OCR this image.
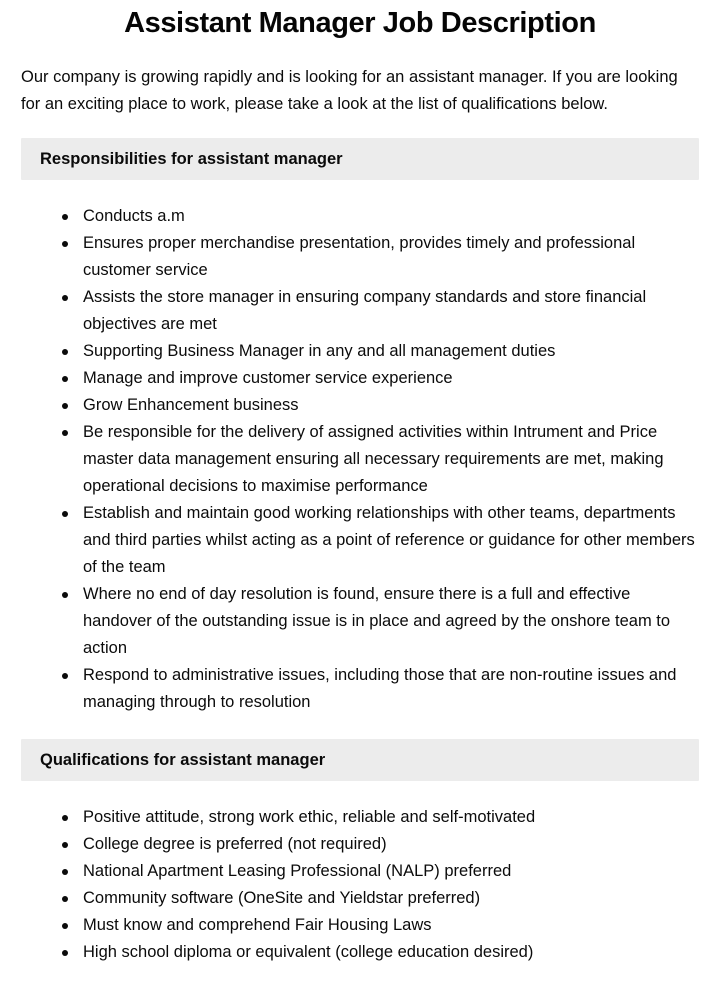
Assistant Manager Job Description

Our company is growing rapidly and is looking for an assistant manager. If you are looking for an exciting place to work, please take a look at the list of qualifications below.

Responsibilities for assistant manager
Conducts a.m
Ensures proper merchandise presentation, provides timely and professional customer service
Assists the store manager in ensuring company standards and store financial objectives are met
Supporting Business Manager in any and all management duties
Manage and improve customer service experience
Grow Enhancement business
Be responsible for the delivery of assigned activities within Intrument and Price master data management ensuring all necessary requirements are met, making operational decisions to maximise performance
Establish and maintain good working relationships with other teams, departments and third parties whilst acting as a point of reference or guidance for other members of the team
Where no end of day resolution is found, ensure there is a full and effective handover of the outstanding issue is in place and agreed by the onshore team to action
Respond to administrative issues, including those that are non-routine issues and managing through to resolution
Qualifications for assistant manager
Positive attitude, strong work ethic, reliable and self-motivated
College degree is preferred (not required)
National Apartment Leasing Professional (NALP) preferred
Community software (OneSite and Yieldstar preferred)
Must know and comprehend Fair Housing Laws
High school diploma or equivalent (college education desired)
